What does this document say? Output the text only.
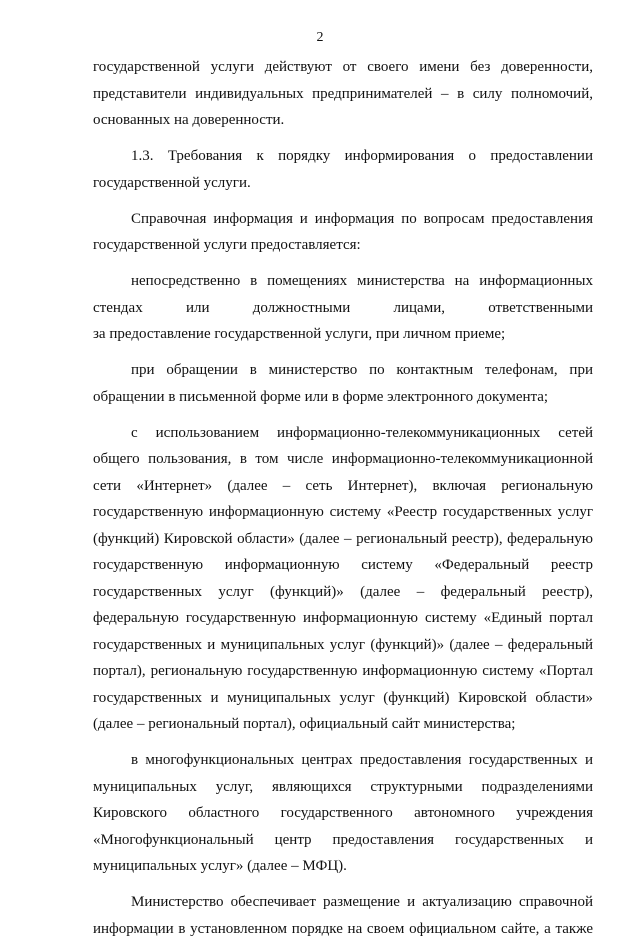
2
государственной услуги действуют от своего имени без доверенности,
представители индивидуальных предпринимателей – в силу полномочий,
основанных на доверенности.
1.3. Требования к порядку информирования о предоставлении
государственной услуги.
Справочная информация и информация по вопросам предоставления
государственной услуги предоставляется:
непосредственно в помещениях министерства на информационных
стендах или должностными лицами, ответственными
за предоставление государственной услуги, при личном приеме;
при обращении в министерство по контактным телефонам, при
обращении в письменной форме или в форме электронного документа;
с использованием информационно-телекоммуникационных сетей
общего пользования, в том числе информационно-телекоммуникационной
сети «Интернет» (далее – сеть Интернет), включая региональную
государственную информационную систему «Реестр государственных услуг
(функций) Кировской области» (далее – региональный реестр), федеральную
государственную информационную систему «Федеральный реестр
государственных услуг (функций)» (далее – федеральный реестр),
федеральную государственную информационную систему «Единый портал
государственных и муниципальных услуг (функций)» (далее – федеральный
портал), региональную государственную информационную систему «Портал
государственных и муниципальных услуг (функций) Кировской области»
(далее – региональный портал), официальный сайт министерства;
в многофункциональных центрах предоставления государственных и
муниципальных услуг, являющихся структурными подразделениями
Кировского областного государственного автономного учреждения
«Многофункциональный центр предоставления государственных и
муниципальных услуг» (далее – МФЦ).
Министерство обеспечивает размещение и актуализацию справочной
информации в установленном порядке на своем официальном сайте, а также
